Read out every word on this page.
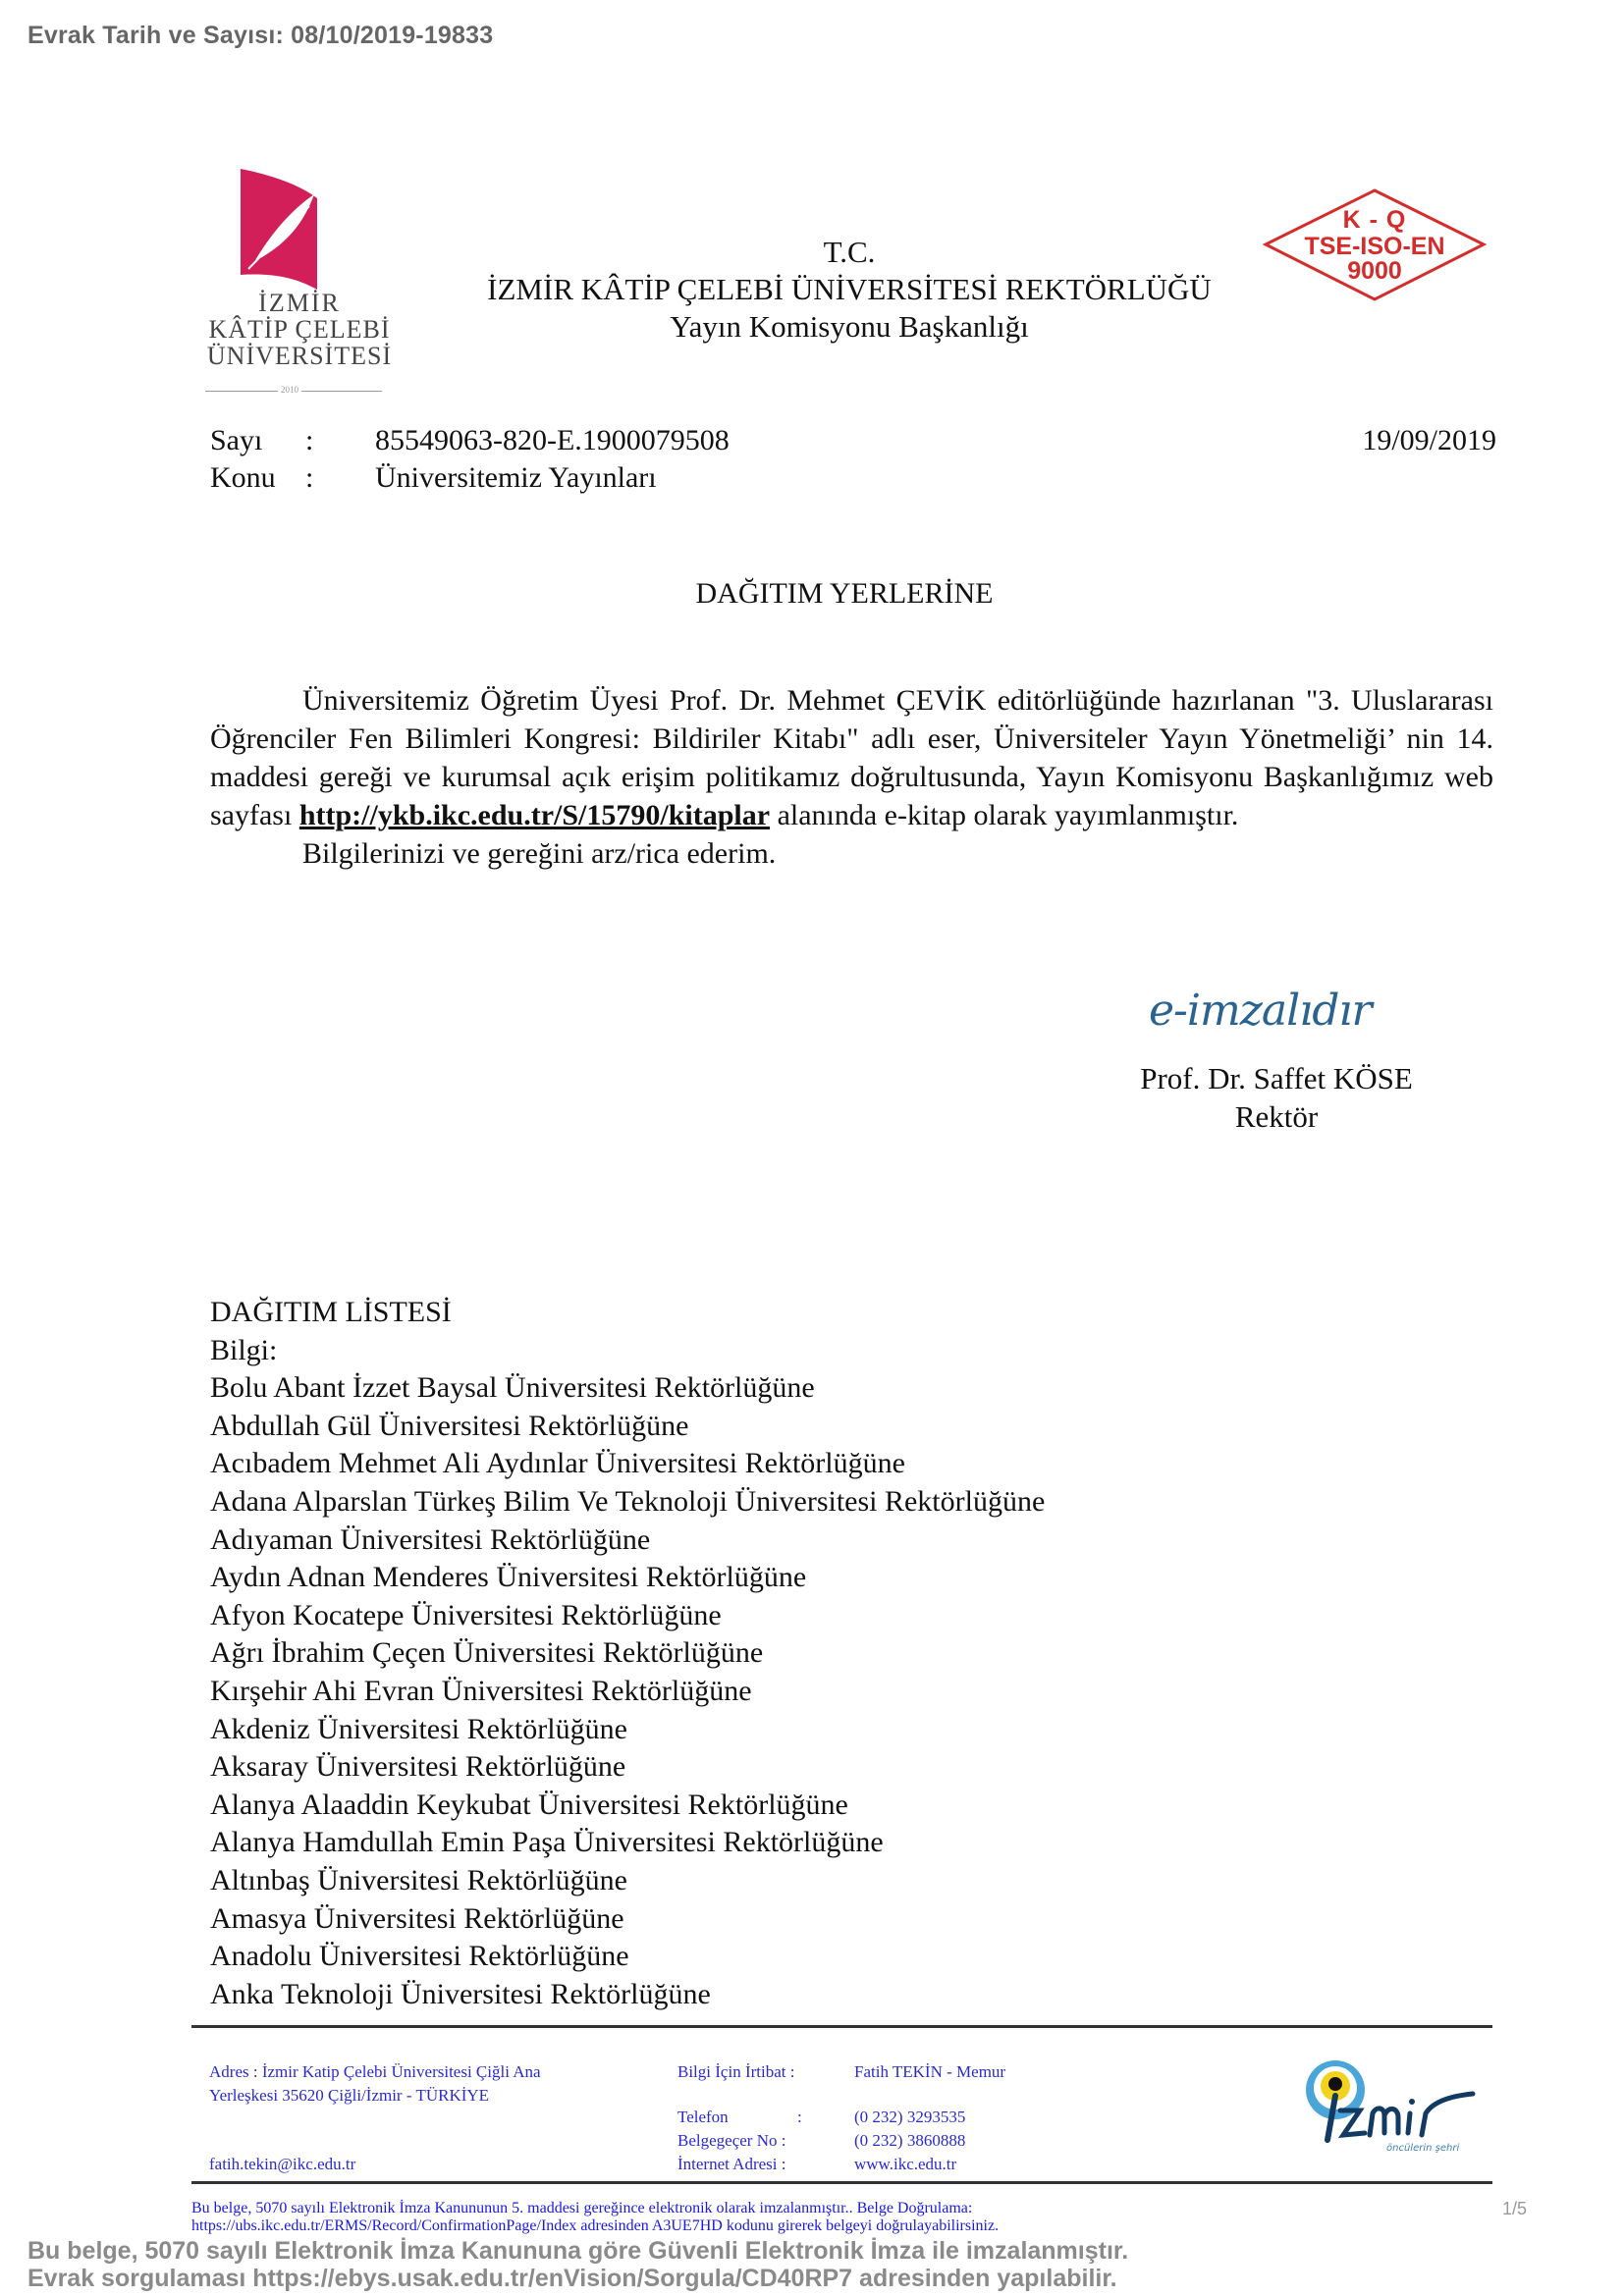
Evrak Tarih ve Sayısı: 08/10/2019-19833
İZMİR
KÂTİP ÇELEBİ
ÜNİVERSİTESİ
2010
T.C.
İZMİR KÂTİP ÇELEBİ ÜNİVERSİTESİ REKTÖRLÜĞÜ
Yayın Komisyonu Başkanlığı
K - Q
TSE-ISO-EN
9000
Sayı : 85549063-820-E.1900079508
Konu : Üniversitemiz Yayınları
19/09/2019
DAĞITIM YERLERİNE

Üniversitemiz Öğretim Üyesi Prof. Dr. Mehmet ÇEVİK editörlüğünde hazırlanan "3. Uluslararası Öğrenciler Fen Bilimleri Kongresi: Bildiriler Kitabı" adlı eser, Üniversiteler Yayın Yönetmeliği’ nin 14. maddesi gereği ve kurumsal açık erişim politikamız doğrultusunda, Yayın Komisyonu Başkanlığımız web sayfası http://ykb.ikc.edu.tr/S/15790/kitaplar alanında e-kitap olarak yayımlanmıştır.

Bilgilerinizi ve gereğini arz/rica ederim.

e-imzalıdır
Prof. Dr. Saffet KÖSE
Rektör
DAĞITIM LİSTESİ
Bilgi:
Bolu Abant İzzet Baysal Üniversitesi Rektörlüğüne
Abdullah Gül Üniversitesi Rektörlüğüne
Acıbadem Mehmet Ali Aydınlar Üniversitesi Rektörlüğüne
Adana Alparslan Türkeş Bilim Ve Teknoloji Üniversitesi Rektörlüğüne
Adıyaman Üniversitesi Rektörlüğüne
Aydın Adnan Menderes Üniversitesi Rektörlüğüne
Afyon Kocatepe Üniversitesi Rektörlüğüne
Ağrı İbrahim Çeçen Üniversitesi Rektörlüğüne
Kırşehir Ahi Evran Üniversitesi Rektörlüğüne
Akdeniz Üniversitesi Rektörlüğüne
Aksaray Üniversitesi Rektörlüğüne
Alanya Alaaddin Keykubat Üniversitesi Rektörlüğüne
Alanya Hamdullah Emin Paşa Üniversitesi Rektörlüğüne
Altınbaş Üniversitesi Rektörlüğüne
Amasya Üniversitesi Rektörlüğüne
Anadolu Üniversitesi Rektörlüğüne
Anka Teknoloji Üniversitesi Rektörlüğüne
Adres : İzmir Katip Çelebi Üniversitesi Çiğli Ana
Yerleşkesi 35620 Çiğli/İzmir - TÜRKİYE
fatih.tekin@ikc.edu.tr
Bilgi İçin İrtibat :	Fatih TEKİN - Memur
Telefon	:	(0 232) 3293535
Belgegeçer No :	(0 232) 3860888
İnternet Adresi :	www.ikc.edu.tr
öncülerin şehri
1/5
Bu belge, 5070 sayılı Elektronik İmza Kanununun 5. maddesi gereğince elektronik olarak imzalanmıştır.. Belge Doğrulama:
https://ubs.ikc.edu.tr/ERMS/Record/ConfirmationPage/Index adresinden A3UE7HD kodunu girerek belgeyi doğrulayabilirsiniz.
Bu belge, 5070 sayılı Elektronik İmza Kanununa göre Güvenli Elektronik İmza ile imzalanmıştır.
Evrak sorgulaması https://ebys.usak.edu.tr/enVision/Sorgula/CD40RP7 adresinden yapılabilir.
